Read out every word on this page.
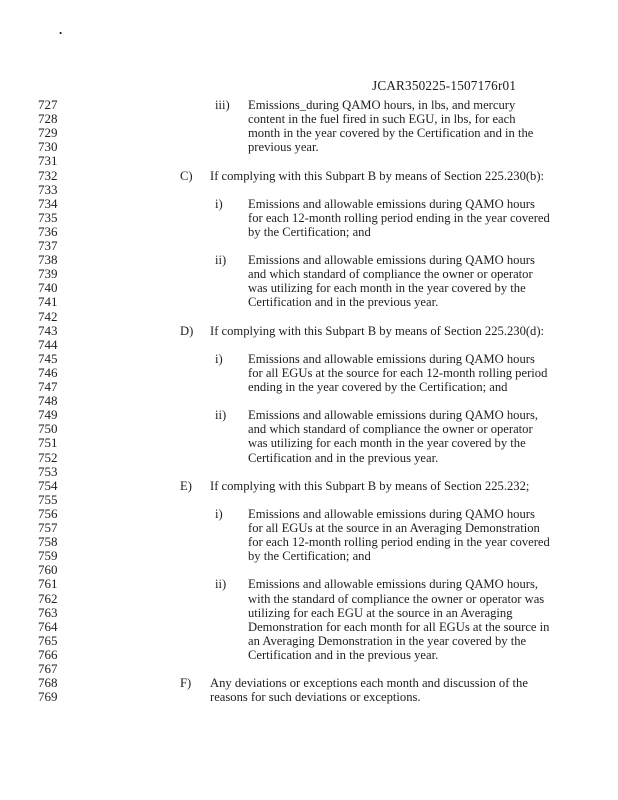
.
JCAR350225-1507176r01
727	iii) Emissions_during QAMO hours, in lbs, and mercury
728	content in the fuel fired in such EGU, in lbs, for each
729	month in the year covered by the Certification and in the
730	previous year.
731
732	C) If complying with this Subpart B by means of Section 225.230(b):
733
734	i) Emissions and allowable emissions during QAMO hours
735	for each 12-month rolling period ending in the year covered
736	by the Certification; and
737
738	ii) Emissions and allowable emissions during QAMO hours
739	and which standard of compliance the owner or operator
740	was utilizing for each month in the year covered by the
741	Certification and in the previous year.
742
743	D) If complying with this Subpart B by means of Section 225.230(d):
744
745	i) Emissions and allowable emissions during QAMO hours
746	for all EGUs at the source for each 12-month rolling period
747	ending in the year covered by the Certification; and
748
749	ii) Emissions and allowable emissions during QAMO hours,
750	and which standard of compliance the owner or operator
751	was utilizing for each month in the year covered by the
752	Certification and in the previous year.
753
754	E) If complying with this Subpart B by means of Section 225.232;
755
756	i) Emissions and allowable emissions during QAMO hours
757	for all EGUs at the source in an Averaging Demonstration
758	for each 12-month rolling period ending in the year covered
759	by the Certification; and
760
761	ii) Emissions and allowable emissions during QAMO hours,
762	with the standard of compliance the owner or operator was
763	utilizing for each EGU at the source in an Averaging
764	Demonstration for each month for all EGUs at the source in
765	an Averaging Demonstration in the year covered by the
766	Certification and in the previous year.
767
768	F) Any deviations or exceptions each month and discussion of the
769	reasons for such deviations or exceptions.
